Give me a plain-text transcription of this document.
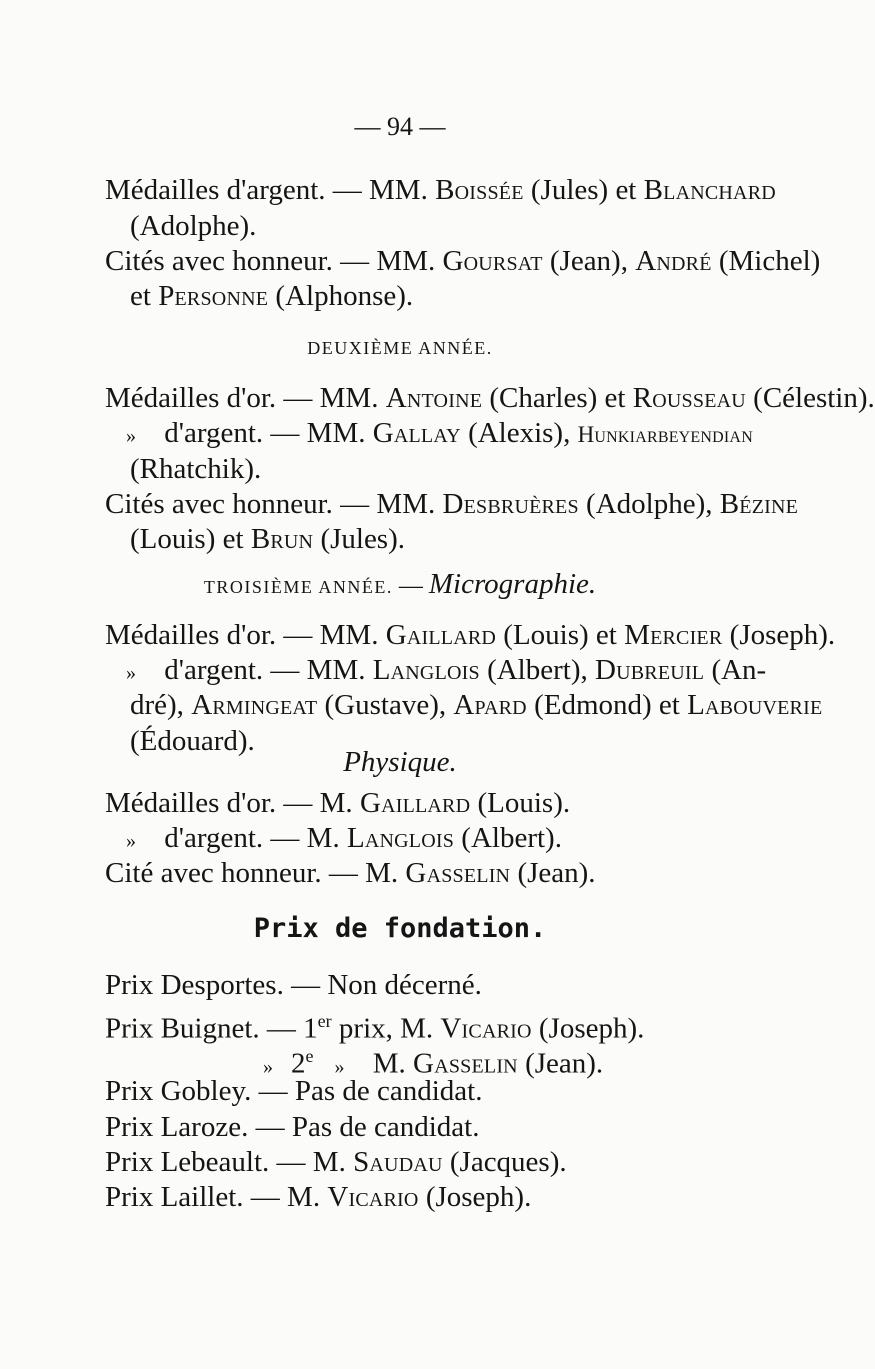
— 94 —
Médailles d'argent. — MM. Boissée (Jules) et Blanchard
(Adolphe).
Cités avec honneur. — MM. Goursat (Jean), André (Michel)
et Personne (Alphonse).
DEUXIÈME ANNÉE.
Médailles d'or. — MM. Antoine (Charles) et Rousseau (Célestin).
» d'argent. — MM. Gallay (Alexis), Hunkiarbeyendian
(Rhatchik).
Cités avec honneur. — MM. Desbruères (Adolphe), Bézine
(Louis) et Brun (Jules).
TROISIÈME ANNÉE. — Micrographie.
Médailles d'or. — MM. Gaillard (Louis) et Mercier (Joseph).
» d'argent. — MM. Langlois (Albert), Dubreuil (An-
dré), Armingeat (Gustave), Apard (Edmond) et Labouverie
(Édouard).
Physique.
Médailles d'or. — M. Gaillard (Louis).
» d'argent. — M. Langlois (Albert).
Cité avec honneur. — M. Gasselin (Jean).
Prix de fondation.
Prix Desportes. — Non décerné.
Prix Buignet. — 1er prix, M. Vicario (Joseph).
» 2e » M. Gasselin (Jean).
Prix Gobley. — Pas de candidat.
Prix Laroze. — Pas de candidat.
Prix Lebeault. — M. Saudau (Jacques).
Prix Laillet. — M. Vicario (Joseph).
